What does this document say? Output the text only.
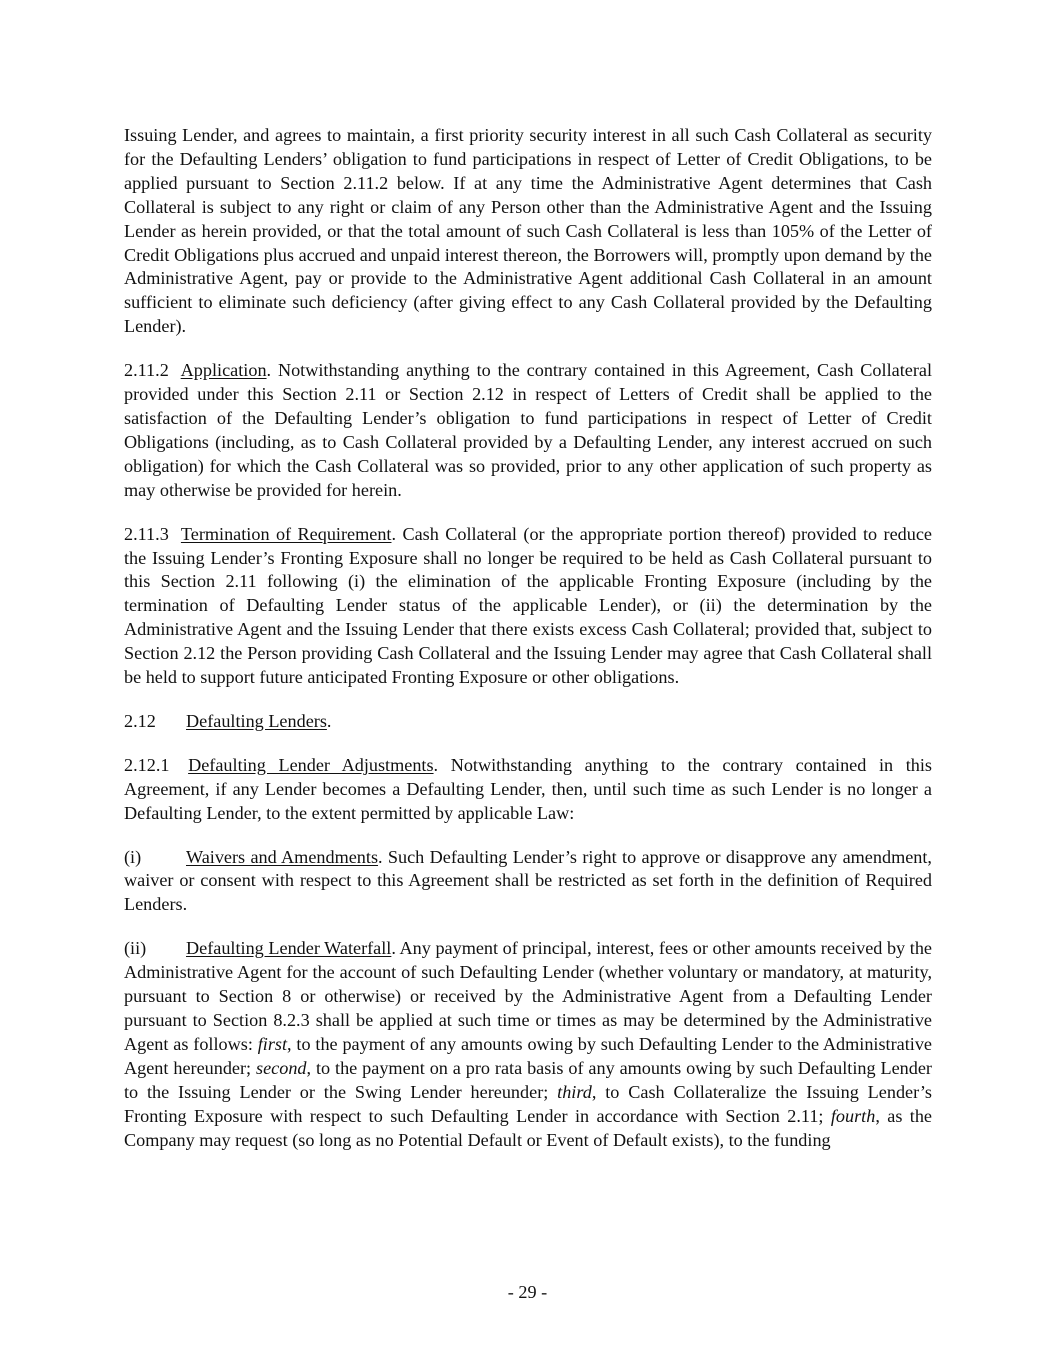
Issuing Lender, and agrees to maintain, a first priority security interest in all such Cash Collateral as security for the Defaulting Lenders’ obligation to fund participations in respect of Letter of Credit Obligations, to be applied pursuant to Section 2.11.2 below. If at any time the Administrative Agent determines that Cash Collateral is subject to any right or claim of any Person other than the Administrative Agent and the Issuing Lender as herein provided, or that the total amount of such Cash Collateral is less than 105% of the Letter of Credit Obligations plus accrued and unpaid interest thereon, the Borrowers will, promptly upon demand by the Administrative Agent, pay or provide to the Administrative Agent additional Cash Collateral in an amount sufficient to eliminate such deficiency (after giving effect to any Cash Collateral provided by the Defaulting Lender).

2.11.2 Application. Notwithstanding anything to the contrary contained in this Agreement, Cash Collateral provided under this Section 2.11 or Section 2.12 in respect of Letters of Credit shall be applied to the satisfaction of the Defaulting Lender’s obligation to fund participations in respect of Letter of Credit Obligations (including, as to Cash Collateral provided by a Defaulting Lender, any interest accrued on such obligation) for which the Cash Collateral was so provided, prior to any other application of such property as may otherwise be provided for herein.

2.11.3 Termination of Requirement. Cash Collateral (or the appropriate portion thereof) provided to reduce the Issuing Lender’s Fronting Exposure shall no longer be required to be held as Cash Collateral pursuant to this Section 2.11 following (i) the elimination of the applicable Fronting Exposure (including by the termination of Defaulting Lender status of the applicable Lender), or (ii) the determination by the Administrative Agent and the Issuing Lender that there exists excess Cash Collateral; provided that, subject to Section 2.12 the Person providing Cash Collateral and the Issuing Lender may agree that Cash Collateral shall be held to support future anticipated Fronting Exposure or other obligations.

2.12 Defaulting Lenders.

2.12.1 Defaulting Lender Adjustments. Notwithstanding anything to the contrary contained in this Agreement, if any Lender becomes a Defaulting Lender, then, until such time as such Lender is no longer a Defaulting Lender, to the extent permitted by applicable Law:

(i) Waivers and Amendments. Such Defaulting Lender’s right to approve or disapprove any amendment, waiver or consent with respect to this Agreement shall be restricted as set forth in the definition of Required Lenders.

(ii) Defaulting Lender Waterfall. Any payment of principal, interest, fees or other amounts received by the Administrative Agent for the account of such Defaulting Lender (whether voluntary or mandatory, at maturity, pursuant to Section 8 or otherwise) or received by the Administrative Agent from a Defaulting Lender pursuant to Section 8.2.3 shall be applied at such time or times as may be determined by the Administrative Agent as follows: first, to the payment of any amounts owing by such Defaulting Lender to the Administrative Agent hereunder; second, to the payment on a pro rata basis of any amounts owing by such Defaulting Lender to the Issuing Lender or the Swing Lender hereunder; third, to Cash Collateralize the Issuing Lender’s Fronting Exposure with respect to such Defaulting Lender in accordance with Section 2.11; fourth, as the Company may request (so long as no Potential Default or Event of Default exists), to the funding

- 29 -
